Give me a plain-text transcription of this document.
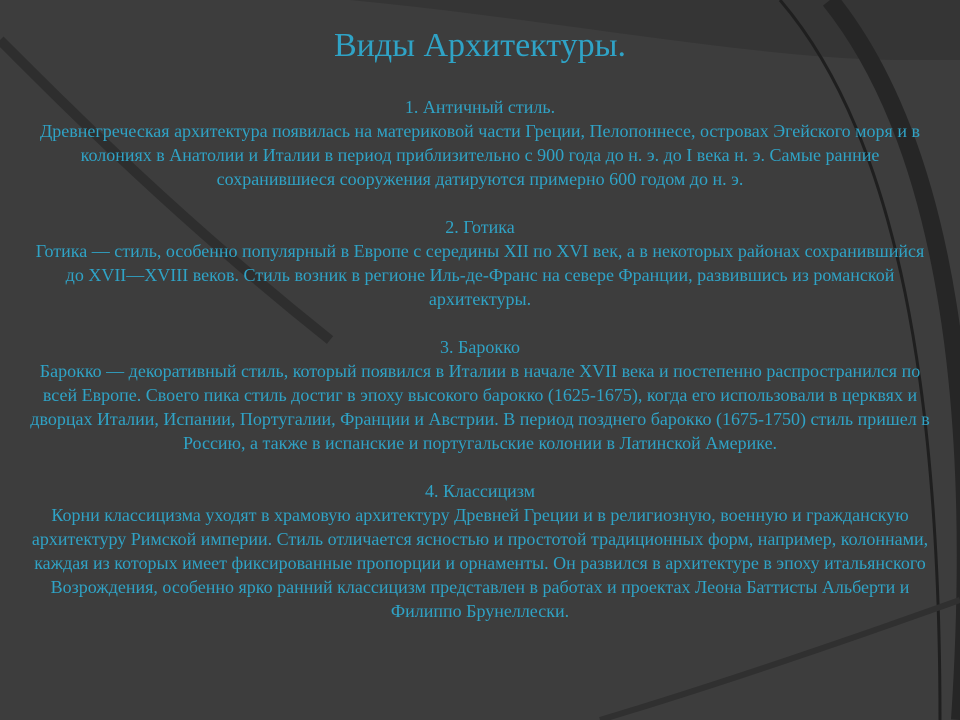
Виды Архитектуры.
1. Античный стиль.
Древнегреческая архитектура появилась на материковой части Греции, Пелопоннесе, островах Эгейского моря и в колониях в Анатолии и Италии в период приблизительно с 900 года до н. э. до I века н. э. Самые ранние сохранившиеся сооружения датируются примерно 600 годом до н. э.
2. Готика
Готика — стиль, особенно популярный в Европе с середины XII по XVI век, а в некоторых районах сохранившийся до XVII—XVIII веков. Стиль возник в регионе Иль-де-Франс на севере Франции, развившись из романской архитектуры.
3. Барокко
Барокко — декоративный стиль, который появился в Италии в начале XVII века и постепенно распространился по всей Европе. Своего пика стиль достиг в эпоху высокого барокко (1625-1675), когда его использовали в церквях и дворцах Италии, Испании, Португалии, Франции и Австрии. В период позднего барокко (1675-1750) стиль пришел в Россию, а также в испанские и португальские колонии в Латинской Америке.
4. Классицизм
Корни классицизма уходят в храмовую архитектуру Древней Греции и в религиозную, военную и гражданскую архитектуру Римской империи. Стиль отличается ясностью и простотой традиционных форм, например, колоннами, каждая из которых имеет фиксированные пропорции и орнаменты. Он развился в архитектуре в эпоху итальянского Возрождения, особенно ярко ранний классицизм представлен в работах и проектах Леона Баттисты Альберти и Филиппо Брунеллески.
